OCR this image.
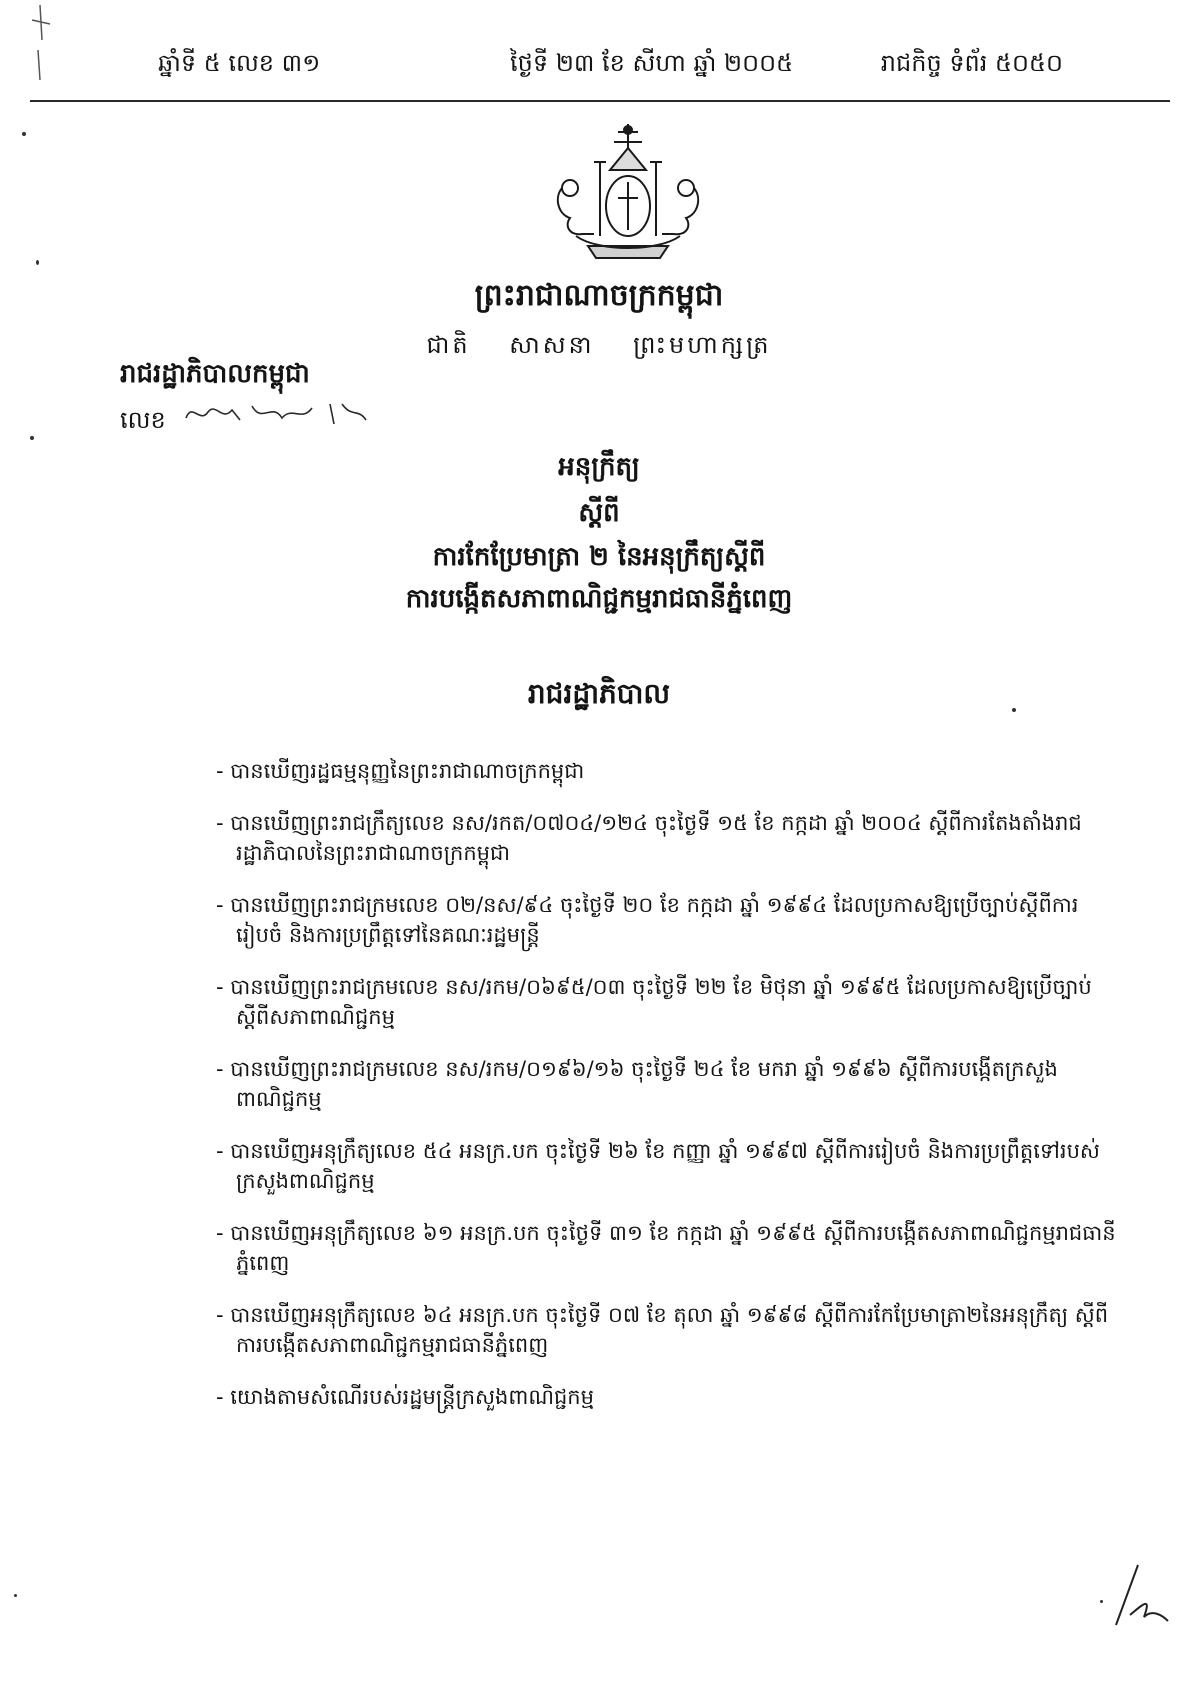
ឆ្នាំទី ៥ លេខ ៣១	ថ្ងៃទី ២៣ ខែ សីហា ឆ្នាំ ២០០៥	រាជកិច្ច ទំព័រ ៥០៥០
ព្រះរាជាណាចក្រកម្ពុជា
ជាតិ សាសនា ព្រះមហាក្សត្រ
រាជរដ្ឋាភិបាលកម្ពុជា
លេខ
អនុក្រឹត្យ
ស្តីពី
ការកែប្រែមាត្រា ២ នៃអនុក្រឹត្យស្តីពី
ការបង្កើតសភាពាណិជ្ជកម្មរាជធានីភ្នំពេញ
រាជរដ្ឋាភិបាល
- បានឃើញរដ្ឋធម្មនុញ្ញនៃព្រះរាជាណាចក្រកម្ពុជា
- បានឃើញព្រះរាជក្រឹត្យលេខ នស/រកត/០៧០៤/១២៤ ចុះថ្ងៃទី ១៥ ខែ កក្កដា ឆ្នាំ ២០០៤ ស្តីពីការតែងតាំងរាជរដ្ឋាភិបាលនៃព្រះរាជាណាចក្រកម្ពុជា
- បានឃើញព្រះរាជក្រមលេខ ០២/នស/៩៤ ចុះថ្ងៃទី ២០ ខែ កក្កដា ឆ្នាំ ១៩៩៤ ដែលប្រកាសឱ្យប្រើច្បាប់ស្តីពីការរៀបចំ និងការប្រព្រឹត្តទៅនៃគណៈរដ្ឋមន្ត្រី
- បានឃើញព្រះរាជក្រមលេខ នស/រកម/០៦៩៥/០៣ ចុះថ្ងៃទី ២២ ខែ មិថុនា ឆ្នាំ ១៩៩៥ ដែលប្រកាសឱ្យប្រើច្បាប់ ស្តីពីសភាពាណិជ្ជកម្ម
- បានឃើញព្រះរាជក្រមលេខ នស/រកម/០១៩៦/១៦ ចុះថ្ងៃទី ២៤ ខែ មករា ឆ្នាំ ១៩៩៦ ស្តីពីការបង្កើតក្រសួងពាណិជ្ជកម្ម
- បានឃើញអនុក្រឹត្យលេខ ៥៤ អនក្រ.បក ចុះថ្ងៃទី ២៦ ខែ កញ្ញា ឆ្នាំ ១៩៩៧ ស្តីពីការរៀបចំ និងការប្រព្រឹត្តទៅរបស់ក្រសួងពាណិជ្ជកម្ម
- បានឃើញអនុក្រឹត្យលេខ ៦១ អនក្រ.បក ចុះថ្ងៃទី ៣១ ខែ កក្កដា ឆ្នាំ ១៩៩៥ ស្តីពីការបង្កើតសភាពាណិជ្ជកម្មរាជធានីភ្នំពេញ
- បានឃើញអនុក្រឹត្យលេខ ៦៤ អនក្រ.បក ចុះថ្ងៃទី ០៧ ខែ តុលា ឆ្នាំ ១៩៩៨ ស្តីពីការកែប្រែមាត្រា២នៃអនុក្រឹត្យ ស្តីពីការបង្កើតសភាពាណិជ្ជកម្មរាជធានីភ្នំពេញ
- យោងតាមសំណើរបស់រដ្ឋមន្ត្រីក្រសួងពាណិជ្ជកម្ម
